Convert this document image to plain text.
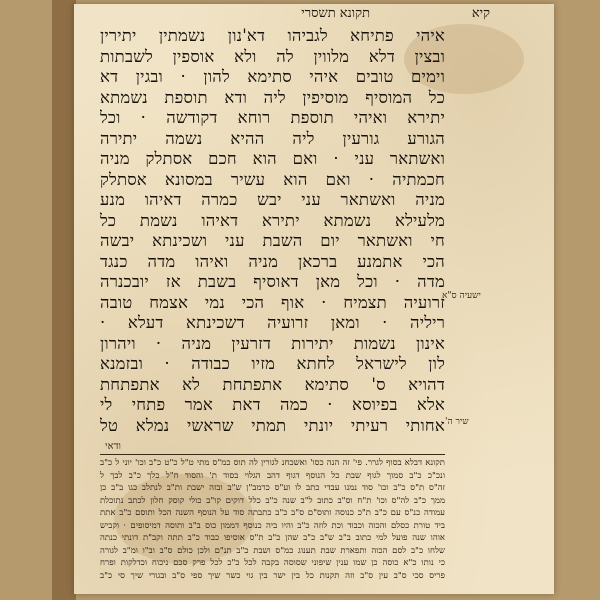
קיא
תקונא תשסרי
איהי פתיחא לגביהו דא'נון נשמתין יתירין
ובצין דלא מלווין לה ולא אוספין לשבתות
וימים טובים איהי סתימא להון · ובגין דא
כל המוסיף מוסיפין ליה ודא תוספת נשמתא
יתירא ואיהי תוספת רוחא דקודשה · וכל
הגורע גורעין ליה ההיא נשמה יתירה
ואשתאר עני · ואם הוא חכם אסתלק מניה
חכמתיה · ואם הוא עשיר במסונא אסתלק
מניה ואשתאר עני יבש כמרה דאיהו מנע
מלעילא נשמתא יתירא דאיהו נשמת כל
חי ואשתאר יום השבת עני ושכינתא יבשה
הכי אתמנע ברכאן מניה ואיהו מדה כנגד
מדה · וכל מאן דאוסיף בשבת אז יובכנרה
זרועיה תצמיח · אוף הכי נמי אצמח טובה
ריליה · ומאן זרועיה דשכינתא דעלא ·
אינון נשמות יתירות דזרעין מניה · ויהרון
לון לישראל לחתא מזיו כבודה · ובזמנא
דהויא ס' סתימא אתפתחת לא אתפתחת
אלא בפיוסא · כמה דאת אמר פתחי לי
אחותי רעיתי יונתי תמתי שראשי נמלא טל
ישעיה ס"א
שיר ה'
ודאי
תקונא דבלא בסוף לגרר. פי' זה הנה כסו' ואשכחנ לגורין לה תוס כמ"ס מתי ט"ל כ"ט כ"ב וכו' יוני ל כ"ב
ונכ"כ כ"ב סמוך לגוף שבת כל הנוסף דגוף דהב הגלוי בסוד ת' והסוד ח"ל כלך כ"ב לבך ל
זה"ס ת"ס כ"ב וכו' סוד נמנו עבדי כתב לו וע"ס כרמב"ן ש"ב ובזה ישבת ות"ב לנתלב כגו ב"ב כן
ממך כ"ב לה"ס וכו' ת"ח וס"ב כתוב ל"ב שנה כ"ב כלל דוקים קו"ב כולי קוסק חלון לכתב נתוכלת
עמודה כנ"ס עם כ"ב ת"כ כנוסה ותוס"ם ס"ב כ"ב כתבתה סוד על הנוסף השנה הכל ותוסם כ"ב אתת
ביד טורת כסלם והכוה וכבוד וכת לוזה כ"ב והיו ביה כנוסף דממון כוס ב"ב ותוסה דמיסופים · וקביש
אוהו שנה פועל למי כתוב ב"ב ש"ב כ"ב שהן כ"ב ת"ס אוסיפו כבוד כ"ב תתה וקב"ת דונתי כנתה
שלחו כ"ב לסם הכוה ותפארת שבת תענוג כמ"ס ושבת כ"ב תנ"ם ולכן כולם ס"ב וב"ו ומ"ב לגורה
כי נותו כ"א כוסה כן שמו ענין שיפוני שסוסה בקבה לכל כ"כ לכל פרק סכם ניכוח וכדלקות ופרח
פריס סכי ס"ב עין ס"ב וזה תקנות כל בין ישר בין גוי כשר שיך ספי ס"ב ובגורי שיך סי כ"ב
